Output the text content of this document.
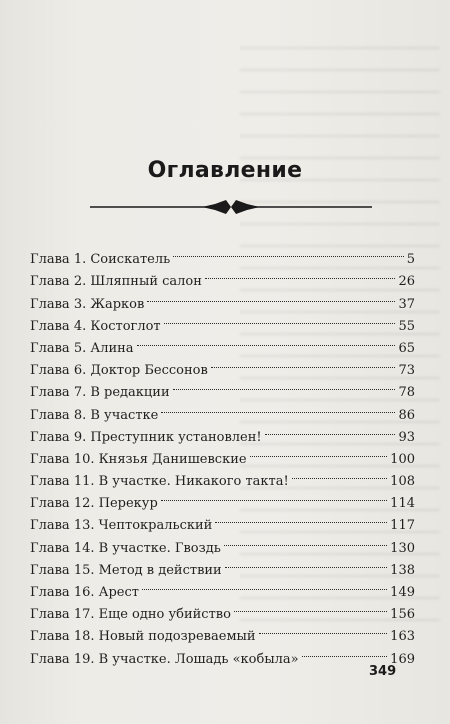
Оглавление
Глава 1. Соискатель	5
Глава 2. Шляпный салон	26
Глава 3. Жарков	37
Глава 4. Костоглот	55
Глава 5. Алина	65
Глава 6. Доктор Бессонов	73
Глава 7. В редакции	78
Глава 8. В участке	86
Глава 9. Преступник установлен!	93
Глава 10. Князья Данишевские	100
Глава 11. В участке. Никакого такта!	108
Глава 12. Перекур	114
Глава 13. Чептокральский	117
Глава 14. В участке. Гвоздь	130
Глава 15. Метод в действии	138
Глава 16. Арест	149
Глава 17. Еще одно убийство	156
Глава 18. Новый подозреваемый	163
Глава 19. В участке. Лошадь «кобыла»	169
349
